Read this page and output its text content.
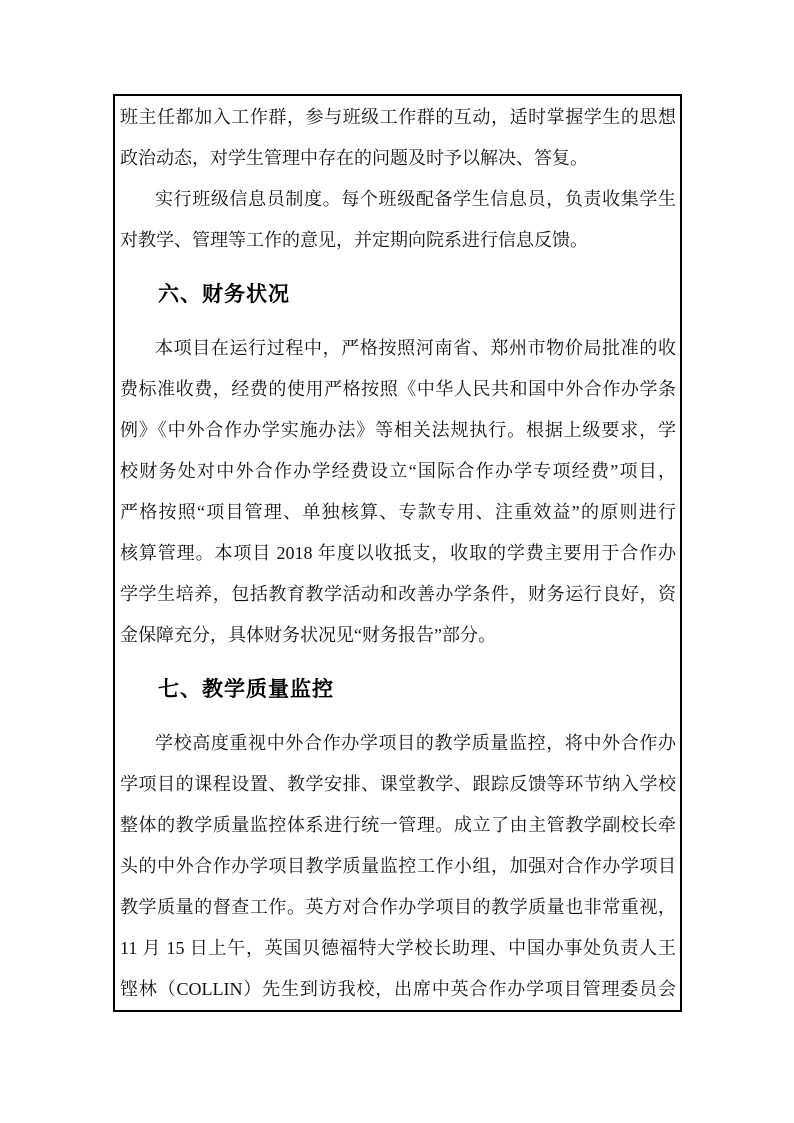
班主任都加入工作群，参与班级工作群的互动，适时掌握学生的思想
政治动态，对学生管理中存在的问题及时予以解决、答复。
实行班级信息员制度。每个班级配备学生信息员，负责收集学生
对教学、管理等工作的意见，并定期向院系进行信息反馈。
六、财务状况
本项目在运行过程中，严格按照河南省、郑州市物价局批准的收
费标准收费，经费的使用严格按照《中华人民共和国中外合作办学条
例》《中外合作办学实施办法》等相关法规执行。根据上级要求，学
校财务处对中外合作办学经费设立“国际合作办学专项经费”项目，
严格按照“项目管理、单独核算、专款专用、注重效益”的原则进行
核算管理。本项目 2018 年度以收抵支，收取的学费主要用于合作办
学学生培养，包括教育教学活动和改善办学条件，财务运行良好，资
金保障充分，具体财务状况见“财务报告”部分。
七、教学质量监控
学校高度重视中外合作办学项目的教学质量监控，将中外合作办
学项目的课程设置、教学安排、课堂教学、跟踪反馈等环节纳入学校
整体的教学质量监控体系进行统一管理。成立了由主管教学副校长牵
头的中外合作办学项目教学质量监控工作小组，加强对合作办学项目
教学质量的督查工作。英方对合作办学项目的教学质量也非常重视，
11 月 15 日上午，英国贝德福特大学校长助理、中国办事处负责人王
铿林（COLLIN）先生到访我校，出席中英合作办学项目管理委员会
